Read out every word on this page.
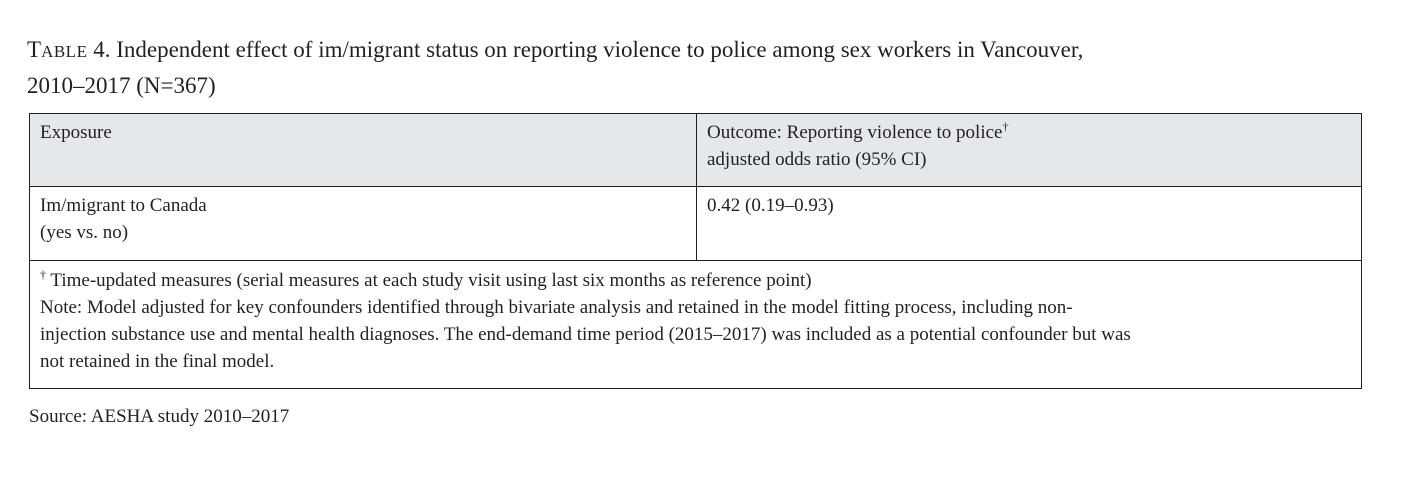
TABLE 4. Independent effect of im/migrant status on reporting violence to police among sex workers in Vancouver,
2010–2017 (N=367)
Exposure	Outcome: Reporting violence to police†
adjusted odds ratio (95% CI)
Im/migrant to Canada
(yes vs. no)
0.42 (0.19–0.93)
† Time-updated measures (serial measures at each study visit using last six months as reference point)
Note: Model adjusted for key confounders identified through bivariate analysis and retained in the model fitting process, including non-
injection substance use and mental health diagnoses. The end-demand time period (2015–2017) was included as a potential confounder but was
not retained in the final model.
Source: AESHA study 2010–2017
